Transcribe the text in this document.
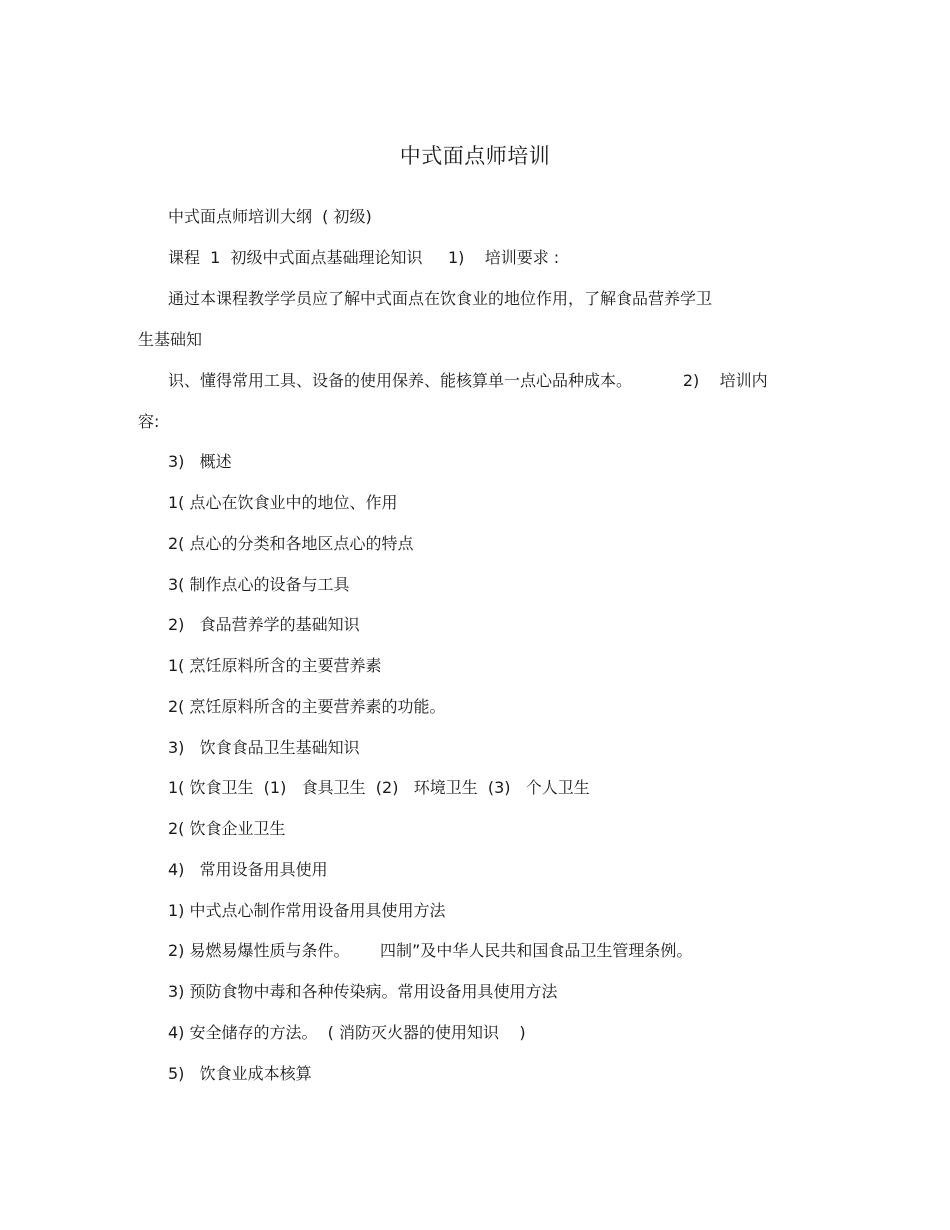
中式面点师培训
中式面点师培训大纲  ( 初级)
课程  1  初级中式面点基础理论知识     1)    培训要求 :
通过本课程教学学员应了解中式面点在饮食业的地位作用，了解食品营养学卫
生基础知
识、懂得常用工具、设备的使用保养、能核算单一点心品种成本。          2)    培训内
容:
3)   概述
1( 点心在饮食业中的地位、作用
2( 点心的分类和各地区点心的特点
3( 制作点心的设备与工具
2)   食品营养学的基础知识
1( 烹饪原料所含的主要营养素
2( 烹饪原料所含的主要营养素的功能。
3)   饮食食品卫生基础知识
1( 饮食卫生  (1)   食具卫生  (2)   环境卫生  (3)   个人卫生
2( 饮食企业卫生
4)   常用设备用具使用
1) 中式点心制作常用设备用具使用方法
2) 易燃易爆性质与条件。      四制”及中华人民共和国食品卫生管理条例。
3) 预防食物中毒和各种传染病。常用设备用具使用方法
4) 安全储存的方法。  ( 消防灭火器的使用知识    )
5)   饮食业成本核算
